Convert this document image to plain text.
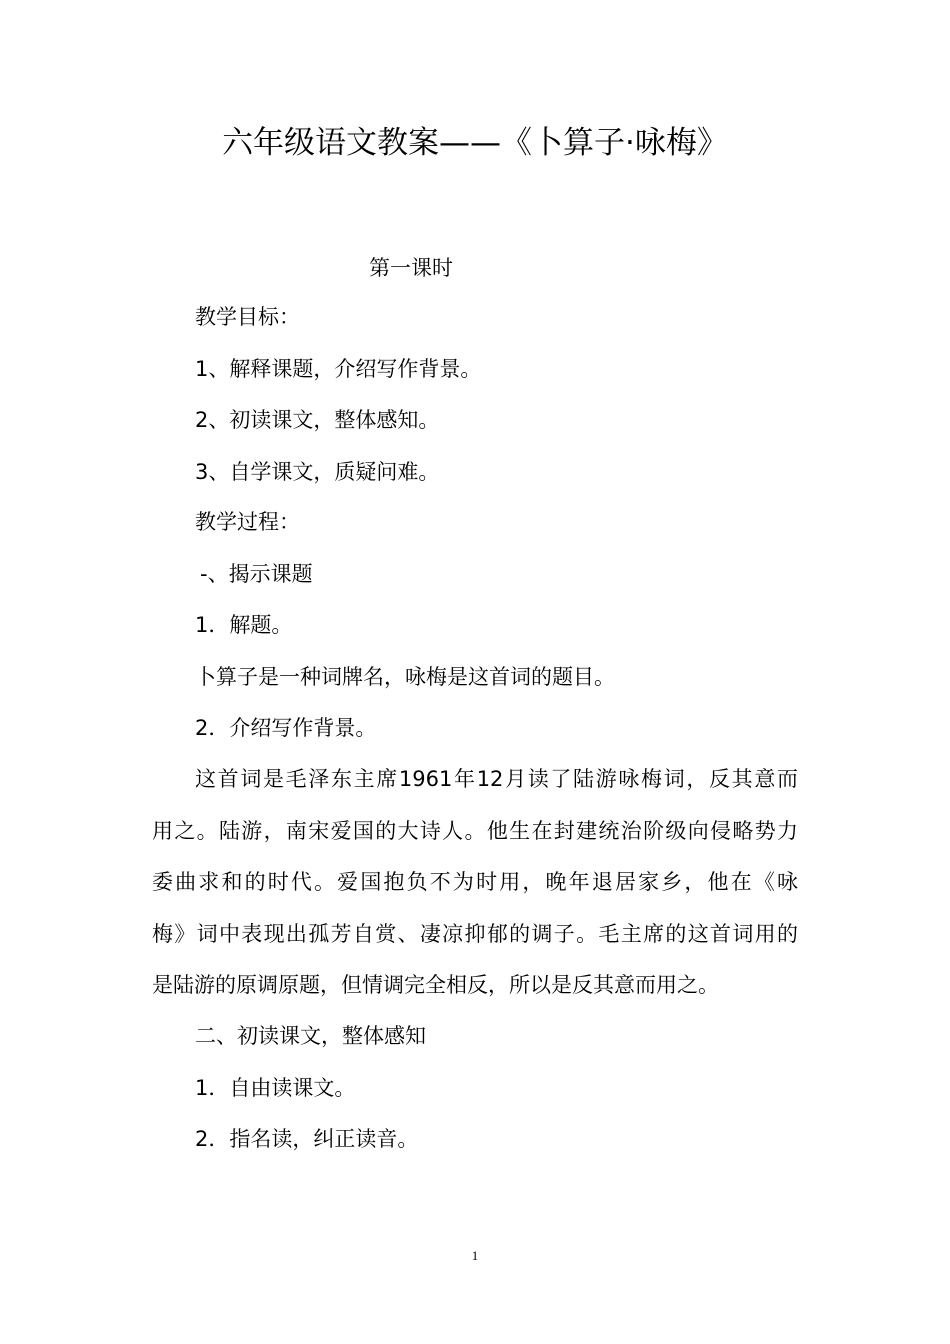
六年级语文教案——《卜算子·咏梅》
第一课时
教学目标：
1、解释课题，介绍写作背景。
2、初读课文，整体感知。
3、自学课文，质疑问难。
教学过程：
-、揭示课题
1．解题。
卜算子是一种词牌名，咏梅是这首词的题目。
2．介绍写作背景。
这首词是毛泽东主席1961年12月读了陆游咏梅词，反其意而
用之。陆游，南宋爱国的大诗人。他生在封建统治阶级向侵略势力
委曲求和的时代。爱国抱负不为时用，晚年退居家乡，他在《咏
梅》词中表现出孤芳自赏、凄凉抑郁的调子。毛主席的这首词用的
是陆游的原调原题，但情调完全相反，所以是反其意而用之。
二、初读课文，整体感知
1．自由读课文。
2．指名读，纠正读音。
1
